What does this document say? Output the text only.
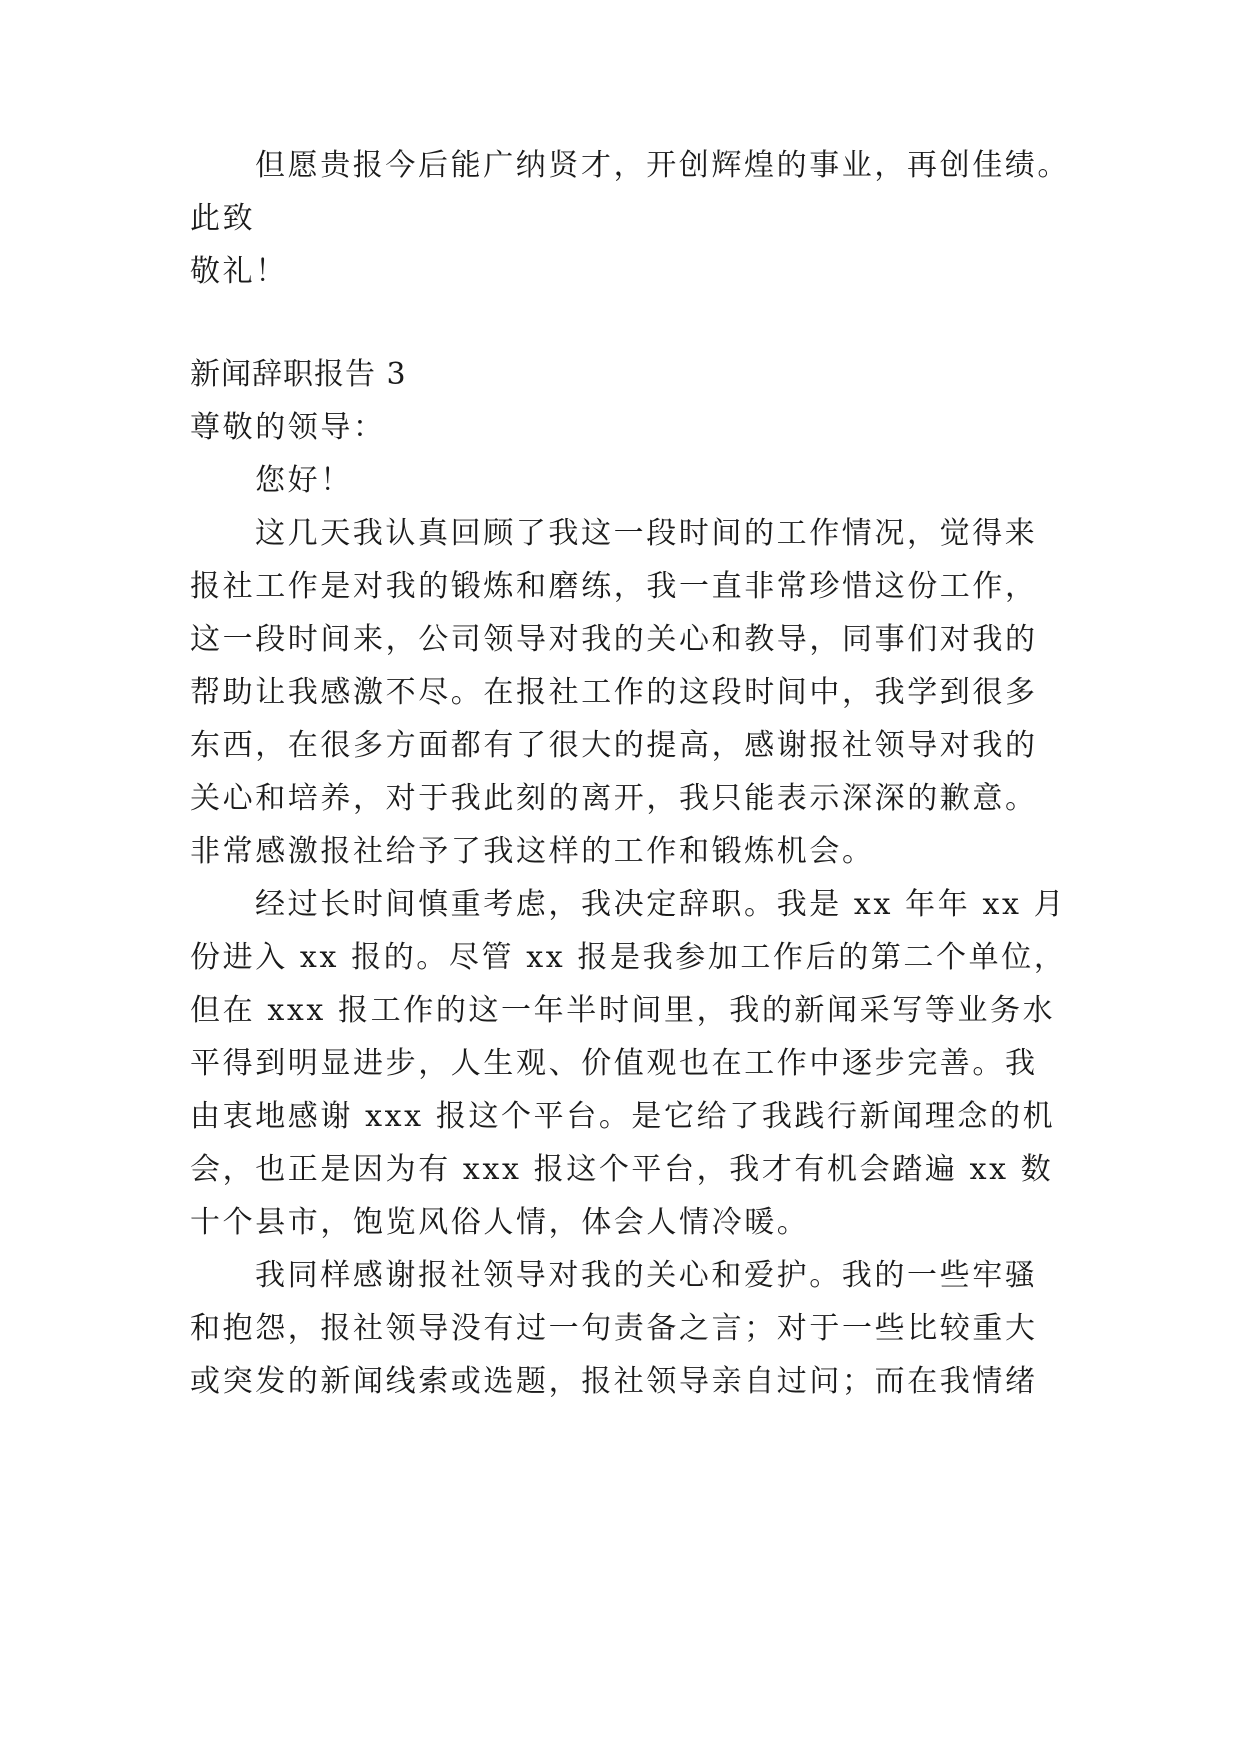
但愿贵报今后能广纳贤才，开创辉煌的事业，再创佳绩。
此致
敬礼！
新闻辞职报告 3
尊敬的领导：
您好！
这几天我认真回顾了我这一段时间的工作情况，觉得来
报社工作是对我的锻炼和磨练，我一直非常珍惜这份工作，
这一段时间来，公司领导对我的关心和教导，同事们对我的
帮助让我感激不尽。在报社工作的这段时间中，我学到很多
东西，在很多方面都有了很大的提高，感谢报社领导对我的
关心和培养，对于我此刻的离开，我只能表示深深的歉意。
非常感激报社给予了我这样的工作和锻炼机会。
经过长时间慎重考虑，我决定辞职。我是 xx 年年 xx 月
份进入 xx 报的。尽管 xx 报是我参加工作后的第二个单位，
但在 xxx 报工作的这一年半时间里，我的新闻采写等业务水
平得到明显进步，人生观、价值观也在工作中逐步完善。我
由衷地感谢 xxx 报这个平台。是它给了我践行新闻理念的机
会，也正是因为有 xxx 报这个平台，我才有机会踏遍 xx 数
十个县市，饱览风俗人情，体会人情冷暖。
我同样感谢报社领导对我的关心和爱护。我的一些牢骚
和抱怨，报社领导没有过一句责备之言；对于一些比较重大
或突发的新闻线索或选题，报社领导亲自过问；而在我情绪
